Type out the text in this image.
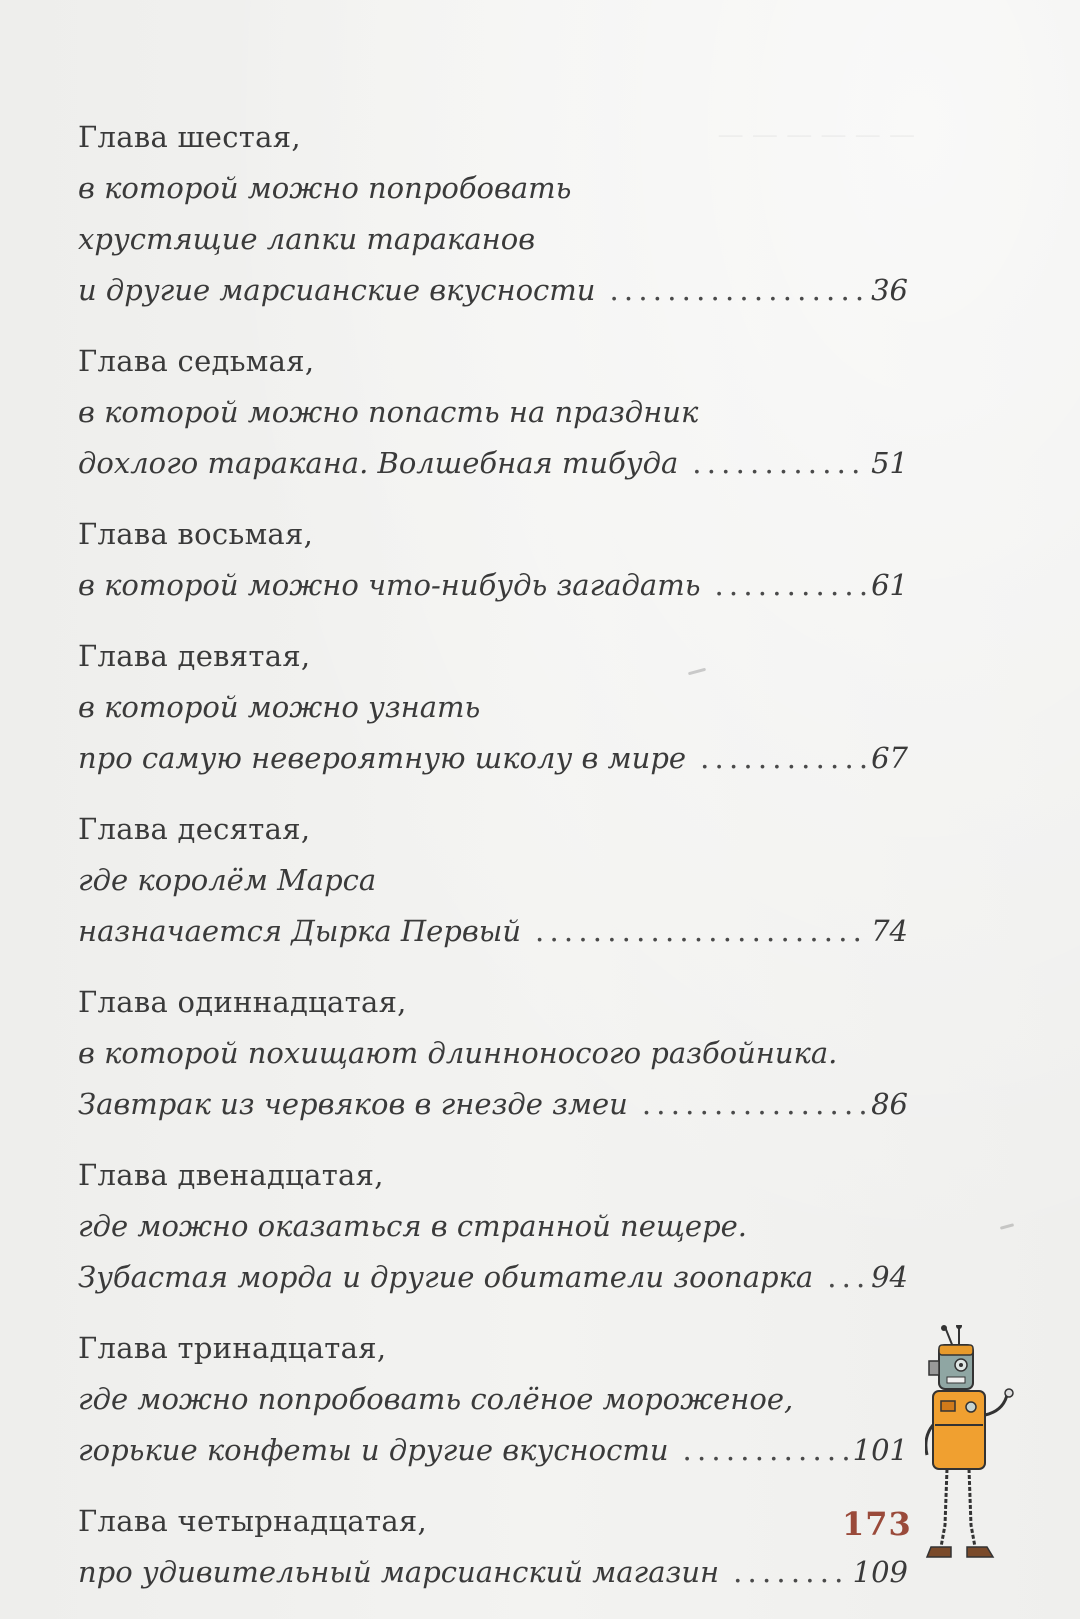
— — — — — —
Глава шестая,
в которой можно попробовать
хрустящие лапки тараканов
и другие марсианские вкусности . . .	36
Глава седьмая,
в которой можно попасть на праздник
дохлого таракана. Волшебная тибуда . . .	51
Глава восьмая,
в которой можно что-нибудь загадать . . .	61
Глава девятая,
в которой можно узнать
про самую невероятную школу в мире . . .	67
Глава десятая,
где королём Марса
назначается Дырка Первый . . .	74
Глава одиннадцатая,
в которой похищают длинноносого разбойника.
Завтрак из червяков в гнезде змеи . . .	86
Глава двенадцатая,
где можно оказаться в странной пещере.
Зубастая морда и другие обитатели зоопарка . . . 94
Глава тринадцатая,
где можно попробовать солёное мороженое,
горькие конфеты и другие вкусности . . .	101
Глава четырнадцатая,
про удивительный марсианский магазин . . .	109
173
